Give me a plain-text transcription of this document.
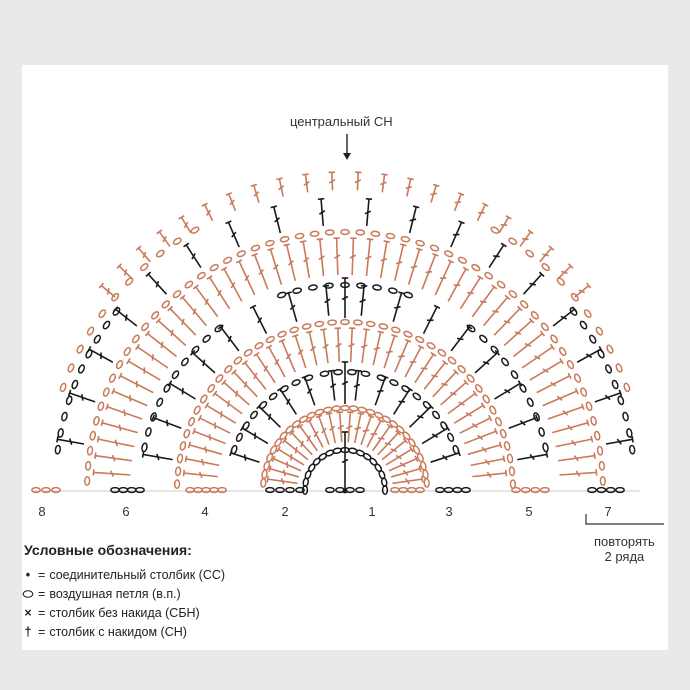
центральный СН
8	6	4	2	1	3	5	7
повторять
2 ряда
Условные обозначения:
• = соединительный столбик (СС)
⬭ = воздушная петля (в.п.)
× = столбик без накида (СБН)
† = столбик с накидом (СН)
